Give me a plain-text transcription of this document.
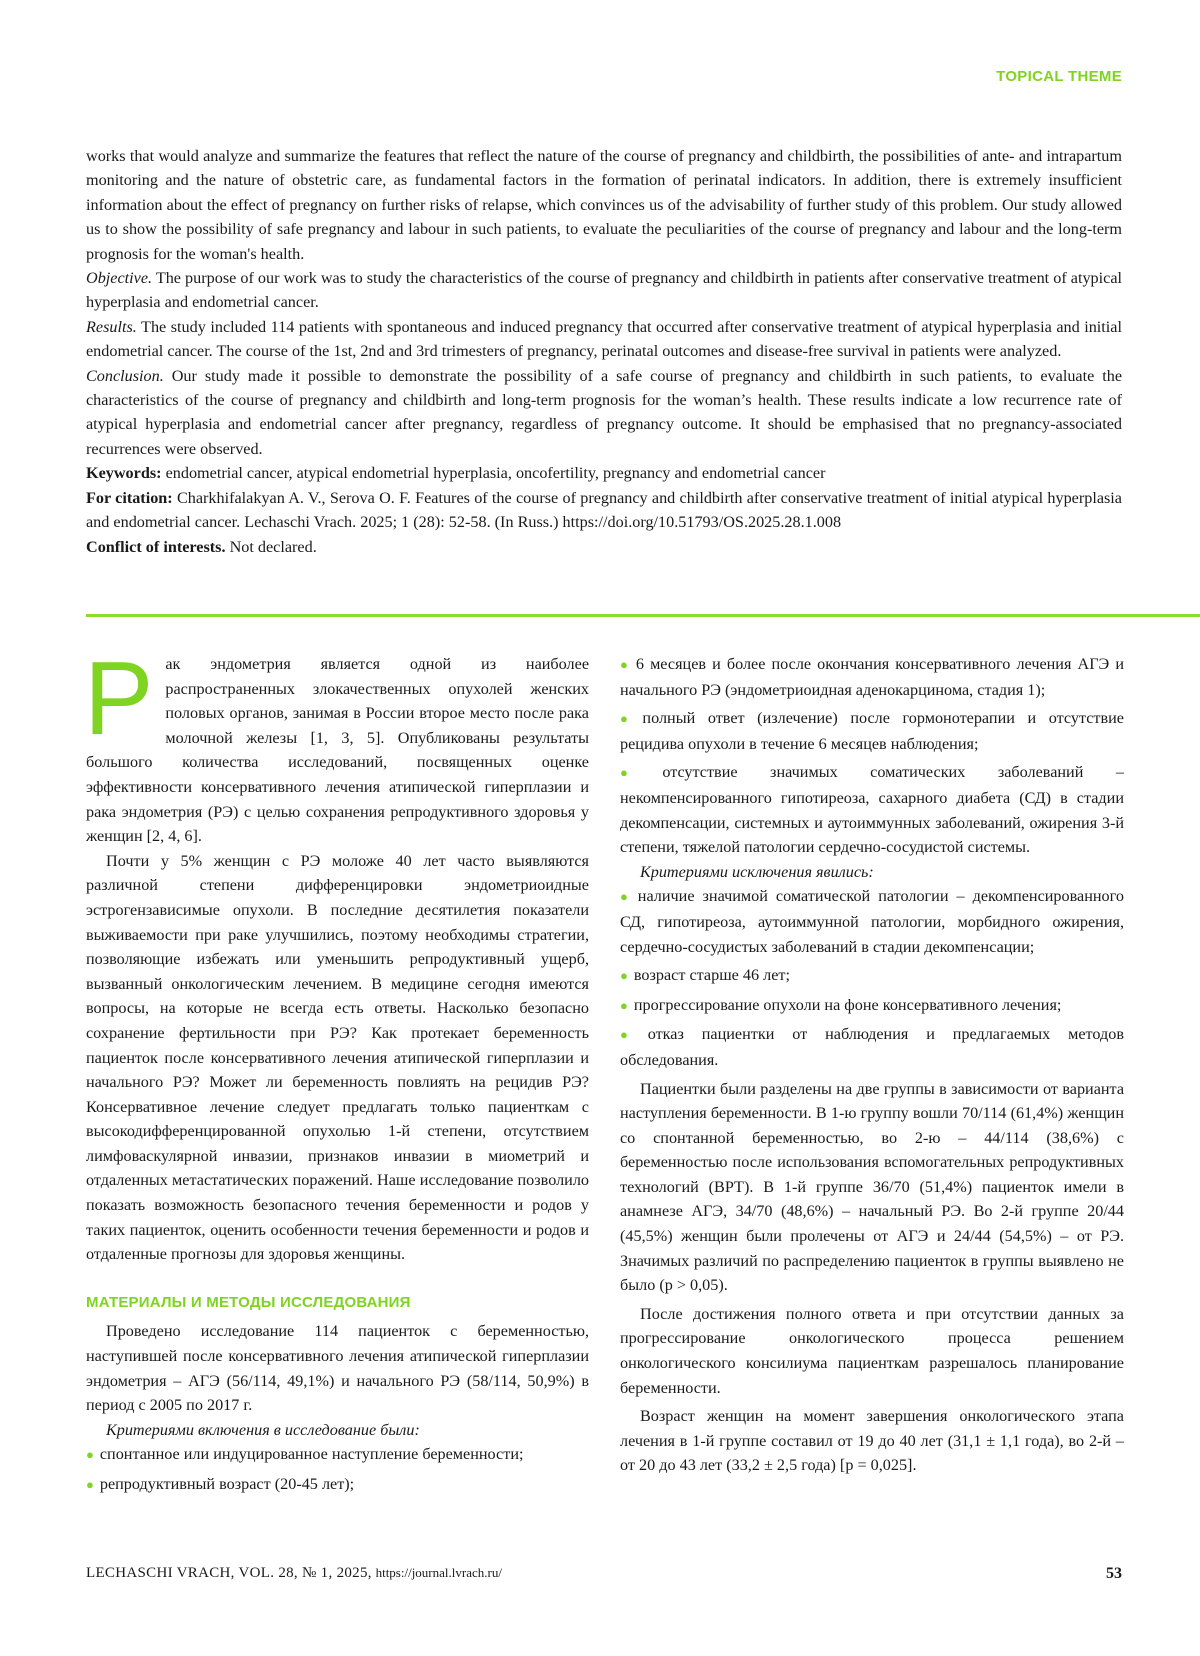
TOPICAL THEME

works that would analyze and summarize the features that reflect the nature of the course of pregnancy and childbirth, the possibilities of ante- and intrapartum monitoring and the nature of obstetric care, as fundamental factors in the formation of perinatal indicators. In addition, there is extremely insufficient information about the effect of pregnancy on further risks of relapse, which convinces us of the advisability of further study of this problem. Our study allowed us to show the possibility of safe pregnancy and labour in such patients, to evaluate the peculiarities of the course of pregnancy and labour and the long-term prognosis for the woman's health.

Objective. The purpose of our work was to study the characteristics of the course of pregnancy and childbirth in patients after conservative treatment of atypical hyperplasia and endometrial cancer.

Results. The study included 114 patients with spontaneous and induced pregnancy that occurred after conservative treatment of atypical hyperplasia and initial endometrial cancer. The course of the 1st, 2nd and 3rd trimesters of pregnancy, perinatal outcomes and disease-free survival in patients were analyzed.

Conclusion. Our study made it possible to demonstrate the possibility of a safe course of pregnancy and childbirth in such patients, to evaluate the characteristics of the course of pregnancy and childbirth and long-term prognosis for the woman’s health. These results indicate a low recurrence rate of atypical hyperplasia and endometrial cancer after pregnancy, regardless of pregnancy outcome. It should be emphasised that no pregnancy-associated recurrences were observed.

Keywords: endometrial cancer, atypical endometrial hyperplasia, oncofertility, pregnancy and endometrial cancer

For citation: Charkhifalakyan A. V., Serova O. F. Features of the course of pregnancy and childbirth after conservative treatment of initial atypical hyperplasia and endometrial cancer. Lechaschi Vrach. 2025; 1 (28): 52-58. (In Russ.) https://doi.org/10.51793/OS.2025.28.1.008

Conflict of interests. Not declared.

Рак эндометрия является одной из наиболее распространенных злокачественных опухолей женских половых органов, занимая в России второе место после рака молочной железы [1, 3, 5]. Опубликованы результаты большого количества исследований, посвященных оценке эффективности консервативного лечения атипической гиперплазии и рака эндометрия (РЭ) с целью сохранения репродуктивного здоровья у женщин [2, 4, 6].

Почти у 5% женщин с РЭ моложе 40 лет часто выявляются различной степени дифференцировки эндометриоидные эстрогензависимые опухоли. В последние десятилетия показатели выживаемости при раке улучшились, поэтому необходимы стратегии, позволяющие избежать или уменьшить репродуктивный ущерб, вызванный онкологическим лечением. В медицине сегодня имеются вопросы, на которые не всегда есть ответы. Насколько безопасно сохранение фертильности при РЭ? Как протекает беременность пациенток после консервативного лечения атипической гиперплазии и начального РЭ? Может ли беременность повлиять на рецидив РЭ? Консервативное лечение следует предлагать только пациенткам с высокодифференцированной опухолью 1-й степени, отсутствием лимфоваскулярной инвазии, признаков инвазии в миометрий и отдаленных метастатических поражений. Наше исследование позволило показать возможность безопасного течения беременности и родов у таких пациенток, оценить особенности течения беременности и родов и отдаленные прогнозы для здоровья женщины.

МАТЕРИАЛЫ И МЕТОДЫ ИССЛЕДОВАНИЯ

Проведено исследование 114 пациенток с беременностью, наступившей после консервативного лечения атипической гиперплазии эндометрия – АГЭ (56/114, 49,1%) и начального РЭ (58/114, 50,9%) в период с 2005 по 2017 г.

Критериями включения в исследование были:

● спонтанное или индуцированное наступление беременности;

● репродуктивный возраст (20-45 лет);

● 6 месяцев и более после окончания консервативного лечения АГЭ и начального РЭ (эндометриоидная аденокарцинома, стадия 1);

● полный ответ (излечение) после гормонотерапии и отсутствие рецидива опухоли в течение 6 месяцев наблюдения;

● отсутствие значимых соматических заболеваний – некомпенсированного гипотиреоза, сахарного диабета (СД) в стадии декомпенсации, системных и аутоиммунных заболеваний, ожирения 3-й степени, тяжелой патологии сердечно-сосудистой системы.

Критериями исключения явились:

● наличие значимой соматической патологии – декомпенсированного СД, гипотиреоза, аутоиммунной патологии, морбидного ожирения, сердечно-сосудистых заболеваний в стадии декомпенсации;

● возраст старше 46 лет;

● прогрессирование опухоли на фоне консервативного лечения;

● отказ пациентки от наблюдения и предлагаемых методов обследования.

Пациентки были разделены на две группы в зависимости от варианта наступления беременности. В 1-ю группу вошли 70/114 (61,4%) женщин со спонтанной беременностью, во 2-ю – 44/114 (38,6%) с беременностью после использования вспомогательных репродуктивных технологий (ВРТ). В 1-й группе 36/70 (51,4%) пациенток имели в анамнезе АГЭ, 34/70 (48,6%) – начальный РЭ. Во 2-й группе 20/44 (45,5%) женщин были пролечены от АГЭ и 24/44 (54,5%) – от РЭ. Значимых различий по распределению пациенток в группы выявлено не было (p > 0,05).

После достижения полного ответа и при отсутствии данных за прогрессирование онкологического процесса решением онкологического консилиума пациенткам разрешалось планирование беременности.

Возраст женщин на момент завершения онкологического этапа лечения в 1-й группе составил от 19 до 40 лет (31,1 ± 1,1 года), во 2-й – от 20 до 43 лет (33,2 ± 2,5 года) [p = 0,025].

LECHASCHI VRACH, VOL. 28, № 1, 2025, https://journal.lvrach.ru/	53
